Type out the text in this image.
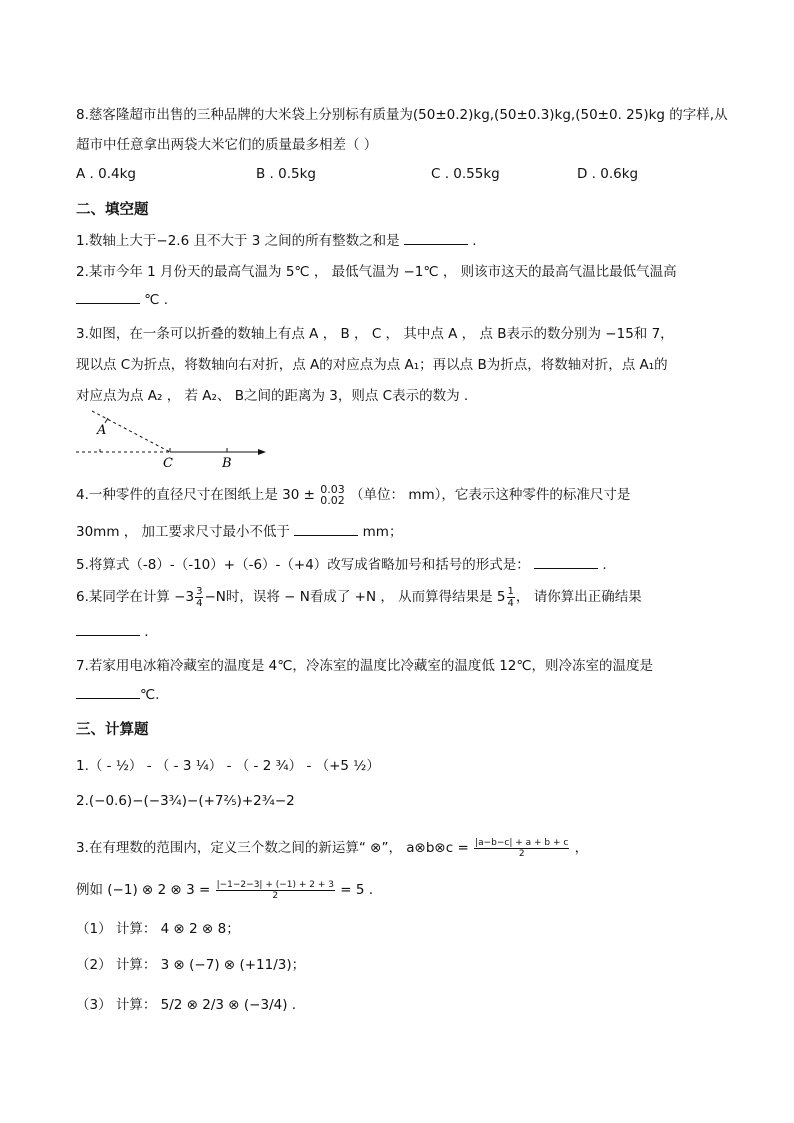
8.慈客隆超市出售的三种品牌的大米袋上分别标有质量为(50±0.2)kg,(50±0.3)kg,(50±0. 25)kg 的字样,从
超市中任意拿出两袋大米它们的质量最多相差（ ）
A . 0.4kg	B . 0.5kg	C . 0.55kg	D . 0.6kg
二、填空题
1.数轴上大于−2.6 且不大于 3 之间的所有整数之和是	.
2.某市今年 1 月份天的最高气温为 5℃ ， 最低气温为 −1℃ ， 则该市这天的最高气温比最低气温高
℃ .
3.如图，在一条可以折叠的数轴上有点 A ， B ， C ， 其中点 A ， 点 B表示的数分别为 −15和 7，
现以点 C为折点，将数轴向右对折，点 A的对应点为点 A₁；再以点 B为折点，将数轴对折，点 A₁的
对应点为点 A₂ ， 若 A₂、 B之间的距离为 3，则点 C表示的数为 .
A
C	B
4.一种零件的直径尺寸在图纸上是 30 ± 0.03
0.02 （单位： mm），它表示这种零件的标准尺寸是
30mm ， 加工要求尺寸最小不低于	mm；
5.将算式（-8）-（-10）+（-6）-（+4）改写成省略加号和括号的形式是：	.
6.某同学在计算 $-3 \frac{3}{4} -N$时，误将 − N看成了 +N ， 从而算得结果是 $5 \frac{1}{4}$ ， 请你算出正确结果
.
7.若家用电冰箱冷藏室的温度是 4℃，冷冻室的温度比冷藏室的温度低 12℃，则冷冻室的温度是
℃.
三、计算题
1.（ - ½） - （ - 3 ¼） - （ - 2 ¾） - （+5 ½）
2.(−0.6)−(−3¾)−(+7⅖)+2¾−2
3.在有理数的范围内，定义三个数之间的新运算“ ⊗”， a⊗b⊗c = $\frac{|a-b-c| + a + b + c}{2}$ ，
例如 (−1) ⊗ 2 ⊗ $3 = \frac{|-1-2-3| + (-1) + 2 + 3}{2} = 5$ .
（1） 计算： 4 ⊗ 2 ⊗ 8；
（2） 计算： 3 ⊗ (−7) ⊗ (+11/3)；
（3） 计算： 5/2 ⊗ 2/3 ⊗ (−3/4) .
